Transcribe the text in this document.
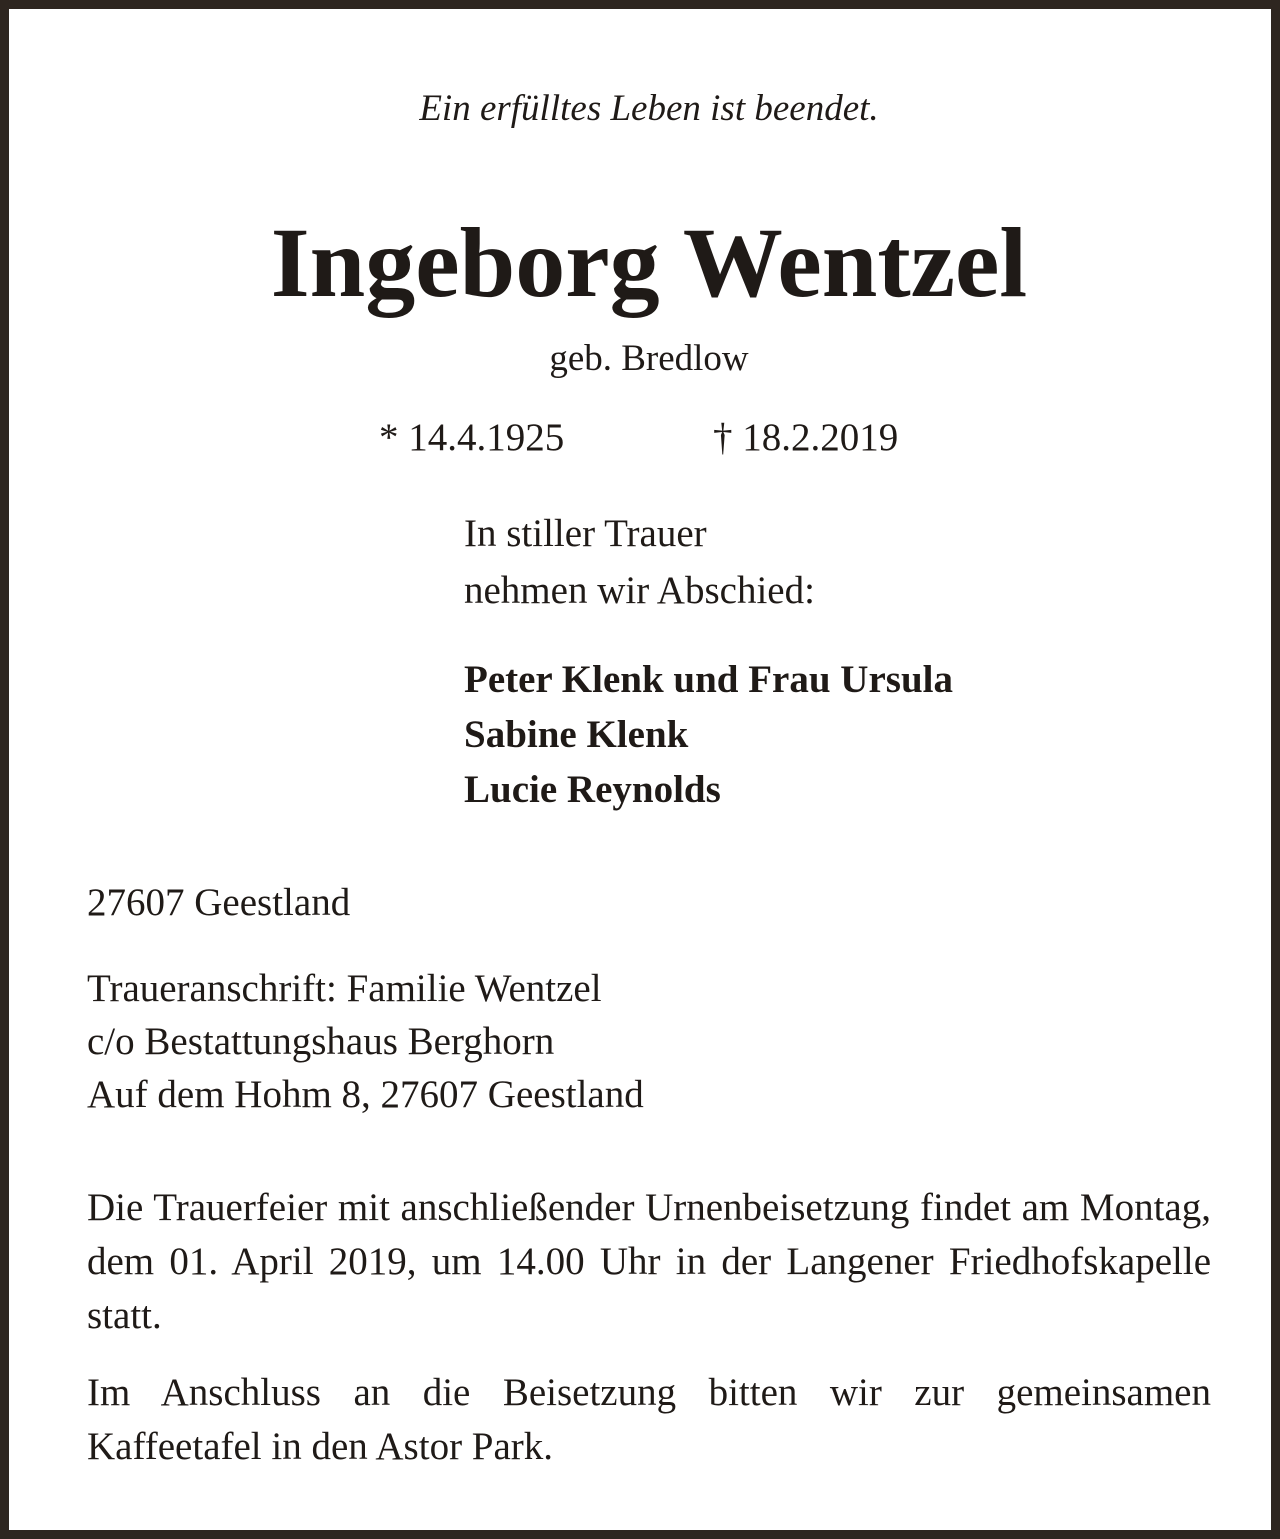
Ein erfülltes Leben ist beendet.

Ingeborg Wentzel

geb. Bredlow

* 14.4.1925	† 18.2.2019

In stiller Trauer
nehmen wir Abschied:
Peter Klenk und Frau Ursula
Sabine Klenk
Lucie Reynolds

27607 Geestland

Traueranschrift: Familie Wentzel
c/o Bestattungshaus Berghorn
Auf dem Hohm 8, 27607 Geestland

Die Trauerfeier mit anschließender Urnenbeisetzung findet am Montag, dem 01. April 2019, um 14.00 Uhr in der Langener Friedhofskapelle statt.

Im Anschluss an die Beisetzung bitten wir zur gemeinsamen Kaffeetafel in den Astor Park.
